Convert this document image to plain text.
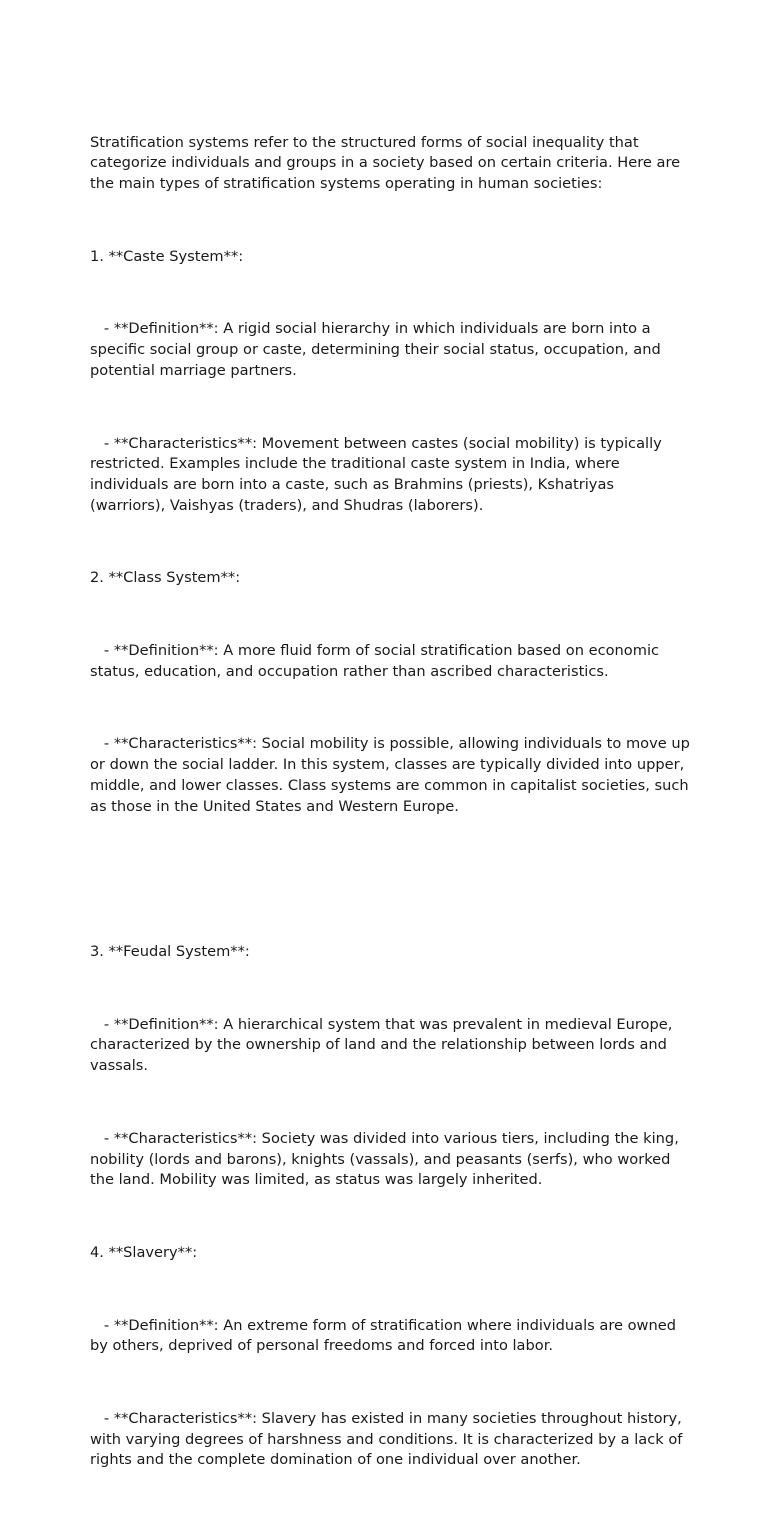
Stratification systems refer to the structured forms of social inequality that categorize individuals and groups in a society based on certain criteria. Here are the main types of stratification systems operating in human societies:

1. **Caste System**:

- **Definition**: A rigid social hierarchy in which individuals are born into a specific social group or caste, determining their social status, occupation, and potential marriage partners.

- **Characteristics**: Movement between castes (social mobility) is typically restricted. Examples include the traditional caste system in India, where individuals are born into a caste, such as Brahmins (priests), Kshatriyas (warriors), Vaishyas (traders), and Shudras (laborers).

2. **Class System**:

- **Definition**: A more fluid form of social stratification based on economic status, education, and occupation rather than ascribed characteristics.

- **Characteristics**: Social mobility is possible, allowing individuals to move up or down the social ladder. In this system, classes are typically divided into upper, middle, and lower classes. Class systems are common in capitalist societies, such as those in the United States and Western Europe.

3. **Feudal System**:

- **Definition**: A hierarchical system that was prevalent in medieval Europe, characterized by the ownership of land and the relationship between lords and vassals.

- **Characteristics**: Society was divided into various tiers, including the king, nobility (lords and barons), knights (vassals), and peasants (serfs), who worked the land. Mobility was limited, as status was largely inherited.

4. **Slavery**:

- **Definition**: An extreme form of stratification where individuals are owned by others, deprived of personal freedoms and forced into labor.

- **Characteristics**: Slavery has existed in many societies throughout history, with varying degrees of harshness and conditions. It is characterized by a lack of rights and the complete domination of one individual over another.
